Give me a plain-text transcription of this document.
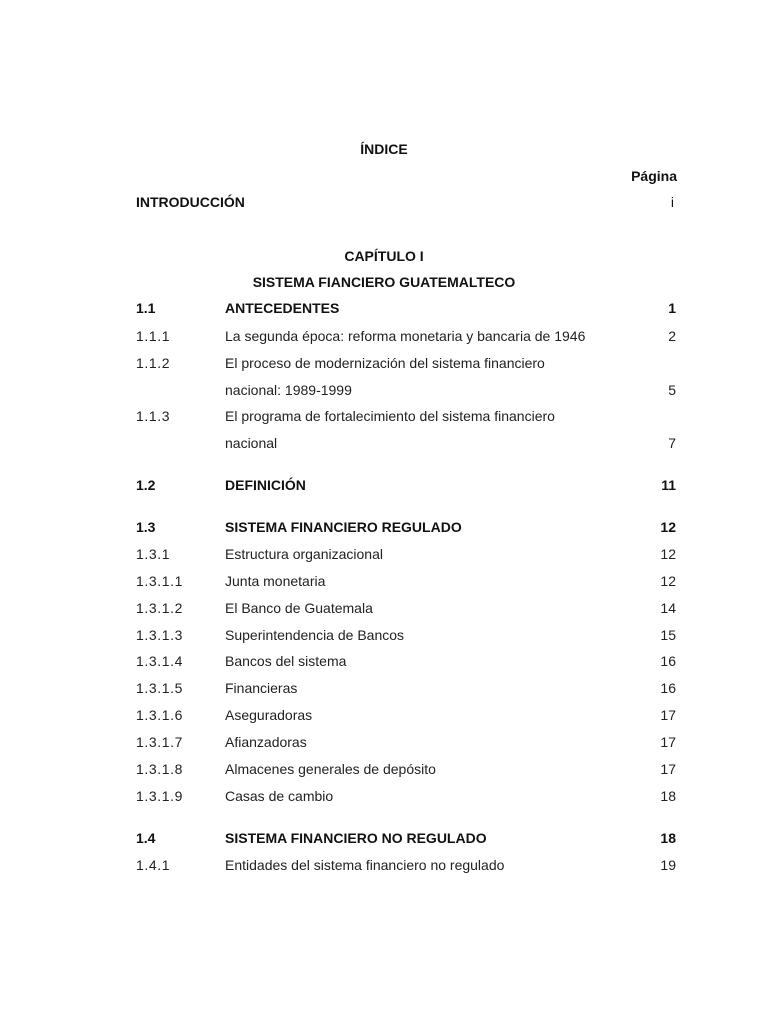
ÍNDICE
Página
INTRODUCCIÓN	i
CAPÍTULO I
SISTEMA FIANCIERO GUATEMALTECO
1.1	ANTECEDENTES	1
1.1.1	La segunda época: reforma monetaria y bancaria de 1946	2
1.1.2	El proceso de modernización del sistema financiero
nacional: 1989-1999	5
1.1.3	El programa de fortalecimiento del sistema financiero
nacional	7
1.2	DEFINICIÓN	11
1.3	SISTEMA FINANCIERO REGULADO	12
1.3.1	Estructura organizacional	12
1.3.1.1	Junta monetaria	12
1.3.1.2	El Banco de Guatemala	14
1.3.1.3	Superintendencia de Bancos	15
1.3.1.4	Bancos del sistema	16
1.3.1.5	Financieras	16
1.3.1.6	Aseguradoras	17
1.3.1.7	Afianzadoras	17
1.3.1.8	Almacenes generales de depósito	17
1.3.1.9	Casas de cambio	18
1.4	SISTEMA FINANCIERO NO REGULADO	18
1.4.1	Entidades del sistema financiero no regulado	19
